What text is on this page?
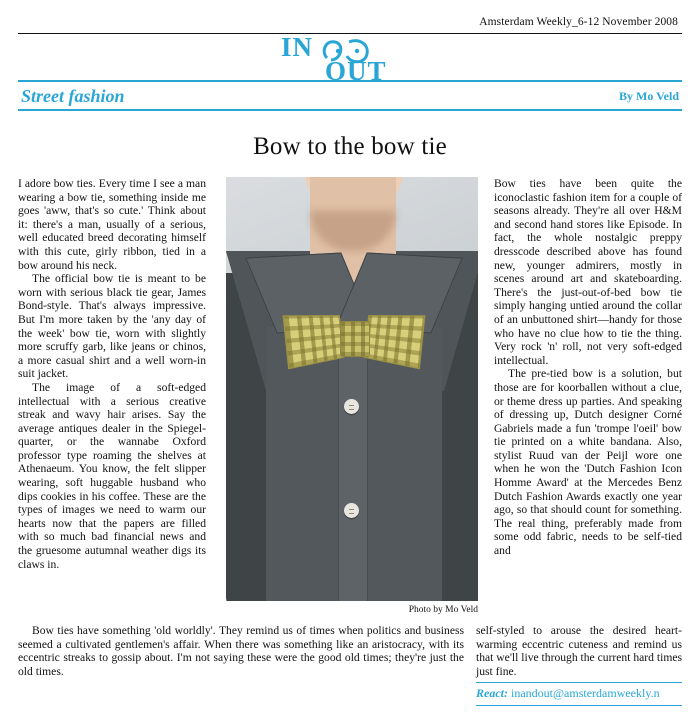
Amsterdam Weekly_6-12 November 2008
IN
OUT
Street fashion	By Mo Veld
Bow to the bow tie

I adore bow ties. Every time I see a man wearing a bow tie, something inside me goes 'aww, that's so cute.' Think about it: there's a man, usually of a serious, well educated breed decorating himself with this cute, girly ribbon, tied in a bow around his neck.

The official bow tie is meant to be worn with serious black tie gear, James Bond-style. That's always impressive. But I'm more taken by the 'any day of the week' bow tie, worn with slightly more scruffy garb, like jeans or chinos, a more casual shirt and a well worn-in suit jacket.

The image of a soft-edged intellectual with a serious creative streak and wavy hair arises. Say the average antiques dealer in the Spiegel-quarter, or the wannabe Oxford professor type roaming the shelves at Athenaeum. You know, the felt slipper wearing, soft huggable husband who dips cookies in his coffee. These are the types of images we need to warm our hearts now that the papers are filled with so much bad financial news and the gruesome autumnal weather digs its claws in.

Photo by Mo Veld

Bow ties have been quite the iconoclastic fashion item for a couple of seasons already. They're all over H&M and second hand stores like Episode. In fact, the whole nostalgic preppy dresscode described above has found new, younger admirers, mostly in scenes around art and skateboarding. There's the just-out-of-bed bow tie simply hanging untied around the collar of an unbuttoned shirt—handy for those who have no clue how to tie the thing. Very rock 'n' roll, not very soft-edged intellectual.

The pre-tied bow is a solution, but those are for koorballen without a clue, or theme dress up parties. And speaking of dressing up, Dutch designer Corné Gabriels made a fun 'trompe l'oeil' bow tie printed on a white bandana. Also, stylist Ruud van der Peijl wore one when he won the 'Dutch Fashion Icon Homme Award' at the Mercedes Benz Dutch Fashion Awards exactly one year ago, so that should count for something. The real thing, preferably made from some odd fabric, needs to be self-tied and

Bow ties have something 'old worldly'. They remind us of times when politics and business seemed a cultivated gentlemen's affair. When there was something like an aristocracy, with its eccentric streaks to gossip about. I'm not saying these were the good old times; they're just the old times.

self-styled to arouse the desired heart-warming eccentric cuteness and remind us that we'll live through the current hard times just fine.

React: inandout@amsterdamweekly.n
